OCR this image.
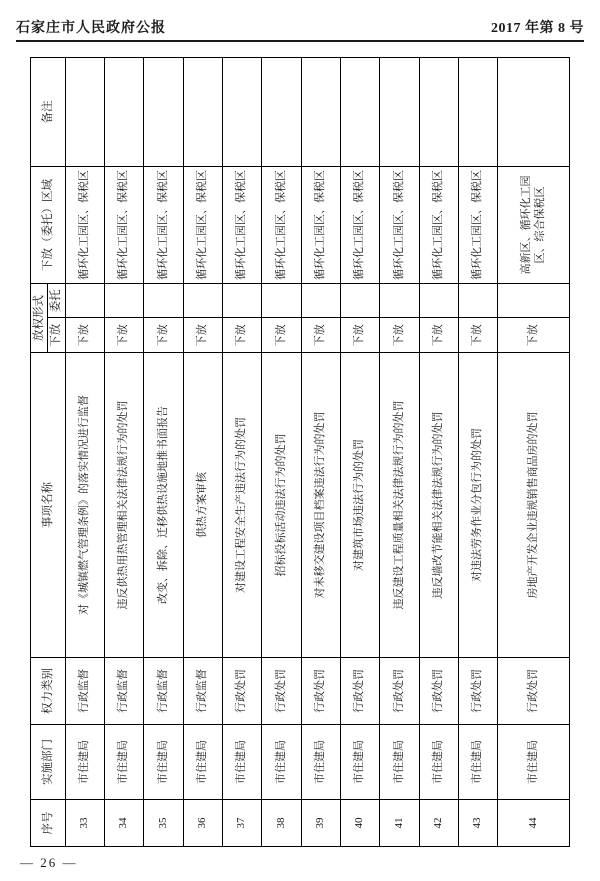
石家庄市人民政府公报	2017 年第 8 号
序号	实施部门	权力类别	事项名称	放权形式		下放（委托）区域	备注
				下放	委托		
33	市住建局	行政监督	对《城镇燃气管理条例》的落实情况进行监督	下放		循环化工园区、保税区	
34	市住建局	行政监督	违反供热用热管理相关法律法规行为的处罚	下放		循环化工园区、保税区	
35	市住建局	行政监督	改变、拆除、迁移供热设施地推书面报告	下放		循环化工园区、保税区	
36	市住建局	行政监督	供热方案审核	下放		循环化工园区、保税区	
37	市住建局	行政处罚	对建设工程安全生产违法行为的处罚	下放		循环化工园区、保税区	
38	市住建局	行政处罚	招标投标活动违法行为的处罚	下放		循环化工园区、保税区	
39	市住建局	行政处罚	对未移交建设项目档案违法行为的处罚	下放		循环化工园区、保税区	
40	市住建局	行政处罚	对建筑市场违法行为的处罚	下放		循环化工园区、保税区	
41	市住建局	行政处罚	违反建设工程质量相关法律法规行为的处罚	下放		循环化工园区、保税区	
42	市住建局	行政处罚	违反墙改节能相关法律法规行为的处罚	下放		循环化工园区、保税区	
43	市住建局	行政处罚	对违法劳务作业分包行为的处罚	下放		循环化工园区、保税区	
44	市住建局	行政处罚	房地产开发企业违规销售商品房的处罚	下放		高新区、循环化工园区、综合保税区	
— 26 —
